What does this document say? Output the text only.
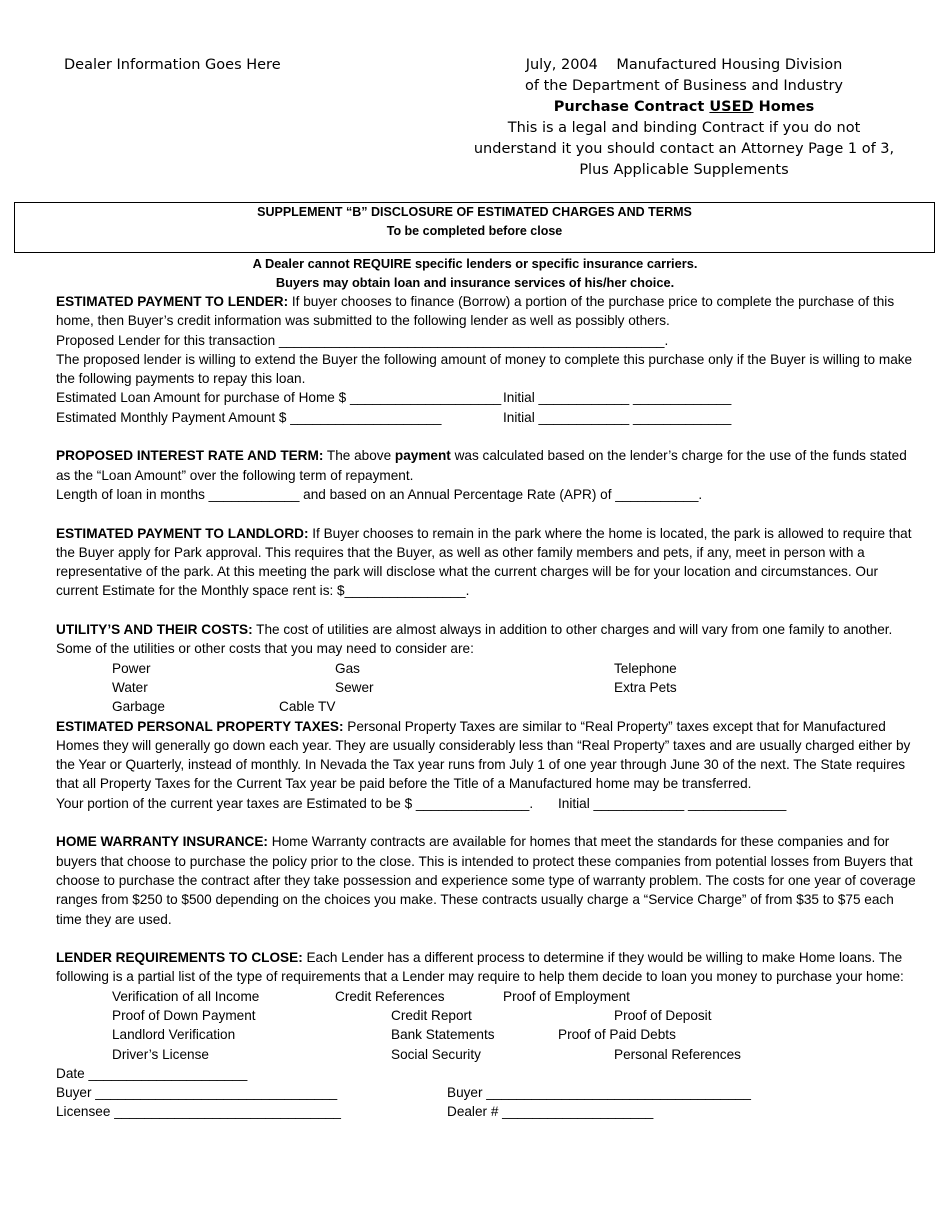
Dealer Information Goes Here	July, 2004    Manufactured Housing Division
of the Department of Business and Industry
Purchase Contract USED Homes
This is a legal and binding Contract if you do not
understand it you should contact an Attorney Page 1 of 3,
Plus Applicable Supplements
SUPPLEMENT “B” DISCLOSURE OF ESTIMATED CHARGES AND TERMS
To be completed before close
A Dealer cannot REQUIRE specific lenders or specific insurance carriers.
Buyers may obtain loan and insurance services of his/her choice.

ESTIMATED PAYMENT TO LENDER: If buyer chooses to finance (Borrow) a portion of the purchase price to complete the purchase of this home, then Buyer’s credit information was submitted to the following lender as well as possibly others.

Proposed Lender for this transaction ___________________________________________________.

The proposed lender is willing to extend the Buyer the following amount of money to complete this purchase only if the Buyer is willing to make the following payments to repay this loan.

Estimated Loan Amount for purchase of Home $ ____________________ Initial ____________ _____________
Estimated Monthly Payment Amount $ ____________________	Initial ____________ _____________

PROPOSED INTEREST RATE AND TERM: The above payment was calculated based on the lender’s charge for the use of the funds stated as the “Loan Amount” over the following term of repayment.

Length of loan in months ____________ and based on an Annual Percentage Rate (APR) of ___________.

ESTIMATED PAYMENT TO LANDLORD: If Buyer chooses to remain in the park where the home is located, the park is allowed to require that the Buyer apply for Park approval. This requires that the Buyer, as well as other family members and pets, if any, meet in person with a representative of the park. At this meeting the park will disclose what the current charges will be for your location and circumstances. Our current Estimate for the Monthly space rent is: $________________.

UTILITY’S AND THEIR COSTS: The cost of utilities are almost always in addition to other charges and will vary from one family to another. Some of the utilities or other costs that you may need to consider are:

Power	Gas	Telephone
Water	Sewer	Extra Pets
Garbage	Cable TV

ESTIMATED PERSONAL PROPERTY TAXES: Personal Property Taxes are similar to “Real Property” taxes except that for Manufactured Homes they will generally go down each year. They are usually considerably less than “Real Property” taxes and are usually charged either by the Year or Quarterly, instead of monthly. In Nevada the Tax year runs from July 1 of one year through June 30 of the next. The State requires that all Property Taxes for the Current Tax year be paid before the Title of a Manufactured home may be transferred.

Your portion of the current year taxes are Estimated to be $ _______________. Initial ____________ _____________

HOME WARRANTY INSURANCE: Home Warranty contracts are available for homes that meet the standards for these companies and for buyers that choose to purchase the policy prior to the close. This is intended to protect these companies from potential losses from Buyers that choose to purchase the contract after they take possession and experience some type of warranty problem. The costs for one year of coverage ranges from $250 to $500 depending on the choices you make. These contracts usually charge a “Service Charge” of from $35 to $75 each time they are used.

LENDER REQUIREMENTS TO CLOSE: Each Lender has a different process to determine if they would be willing to make Home loans. The following is a partial list of the type of requirements that a Lender may require to help them decide to loan you money to purchase your home:

Verification of all Income	Credit References	Proof of Employment
Proof of Down Payment	Credit Report	Proof of Deposit
Landlord Verification	Bank Statements	Proof of Paid Debts
Driver’s License	Social Security	Personal References
Date _____________________
Buyer ________________________________	Buyer ___________________________________
Licensee ______________________________	Dealer # ____________________
